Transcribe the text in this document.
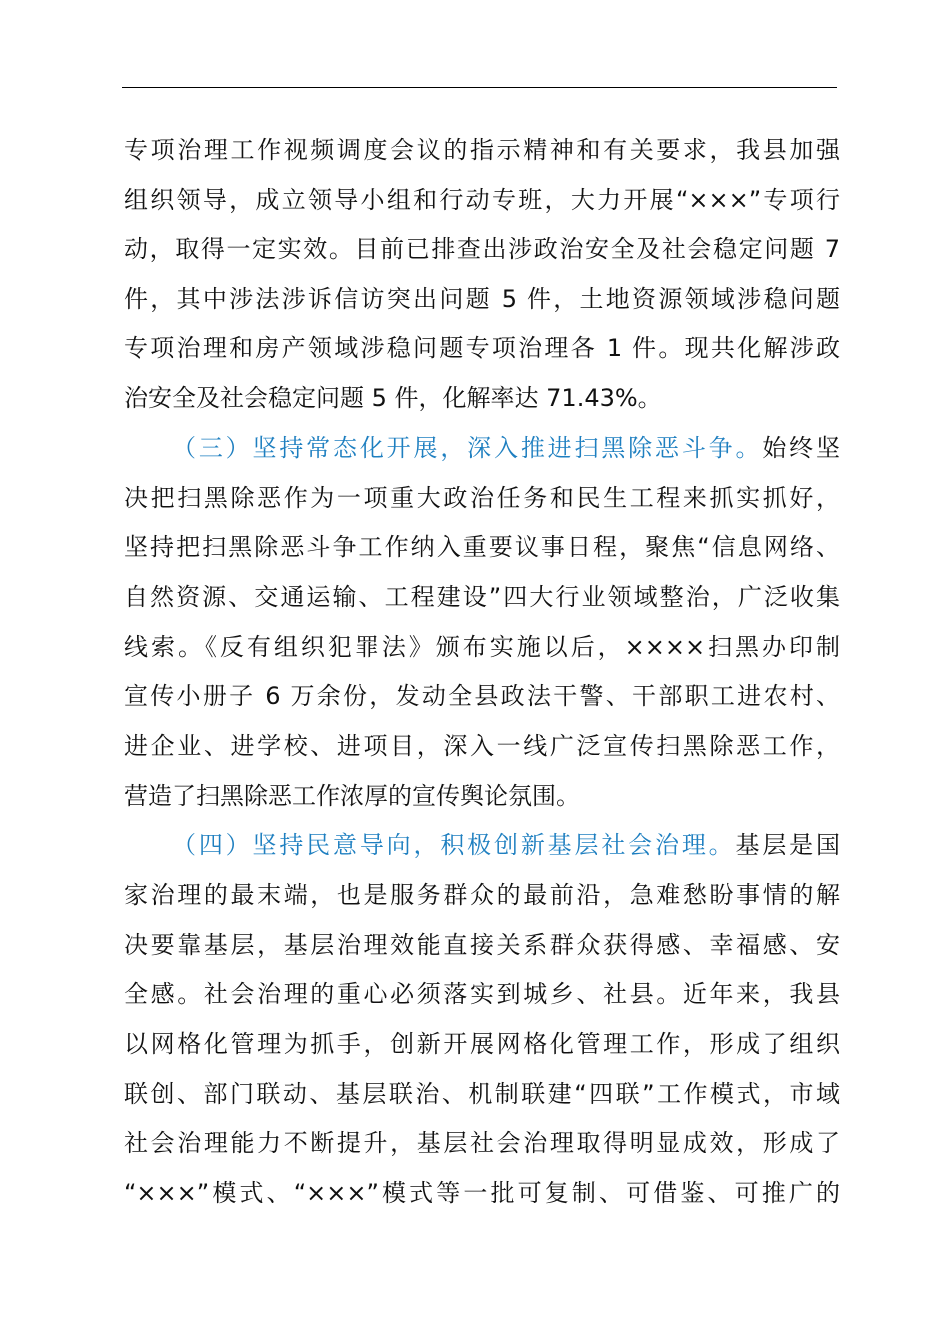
专项治理工作视频调度会议的指示精神和有关要求，我县加强
组织领导，成立领导小组和行动专班，大力开展“×××”专项行
动，取得一定实效。目前已排查出涉政治安全及社会稳定问题 7
件，其中涉法涉诉信访突出问题 5 件，土地资源领域涉稳问题
专项治理和房产领域涉稳问题专项治理各 1 件。现共化解涉政
治安全及社会稳定问题 5 件，化解率达 71.43%。
（三）坚持常态化开展，深入推进扫黑除恶斗争。始终坚
决把扫黑除恶作为一项重大政治任务和民生工程来抓实抓好，
坚持把扫黑除恶斗争工作纳入重要议事日程，聚焦“信息网络、
自然资源、交通运输、工程建设”四大行业领域整治，广泛收集
线索。《反有组织犯罪法》颁布实施以后，××××扫黑办印制
宣传小册子 6 万余份，发动全县政法干警、干部职工进农村、
进企业、进学校、进项目，深入一线广泛宣传扫黑除恶工作，
营造了扫黑除恶工作浓厚的宣传舆论氛围。
（四）坚持民意导向，积极创新基层社会治理。基层是国
家治理的最末端，也是服务群众的最前沿，急难愁盼事情的解
决要靠基层，基层治理效能直接关系群众获得感、幸福感、安
全感。社会治理的重心必须落实到城乡、社县。近年来，我县
以网格化管理为抓手，创新开展网格化管理工作，形成了组织
联创、部门联动、基层联治、机制联建“四联”工作模式，市域
社会治理能力不断提升，基层社会治理取得明显成效，形成了
“×××”模式、“×××”模式等一批可复制、可借鉴、可推广的
